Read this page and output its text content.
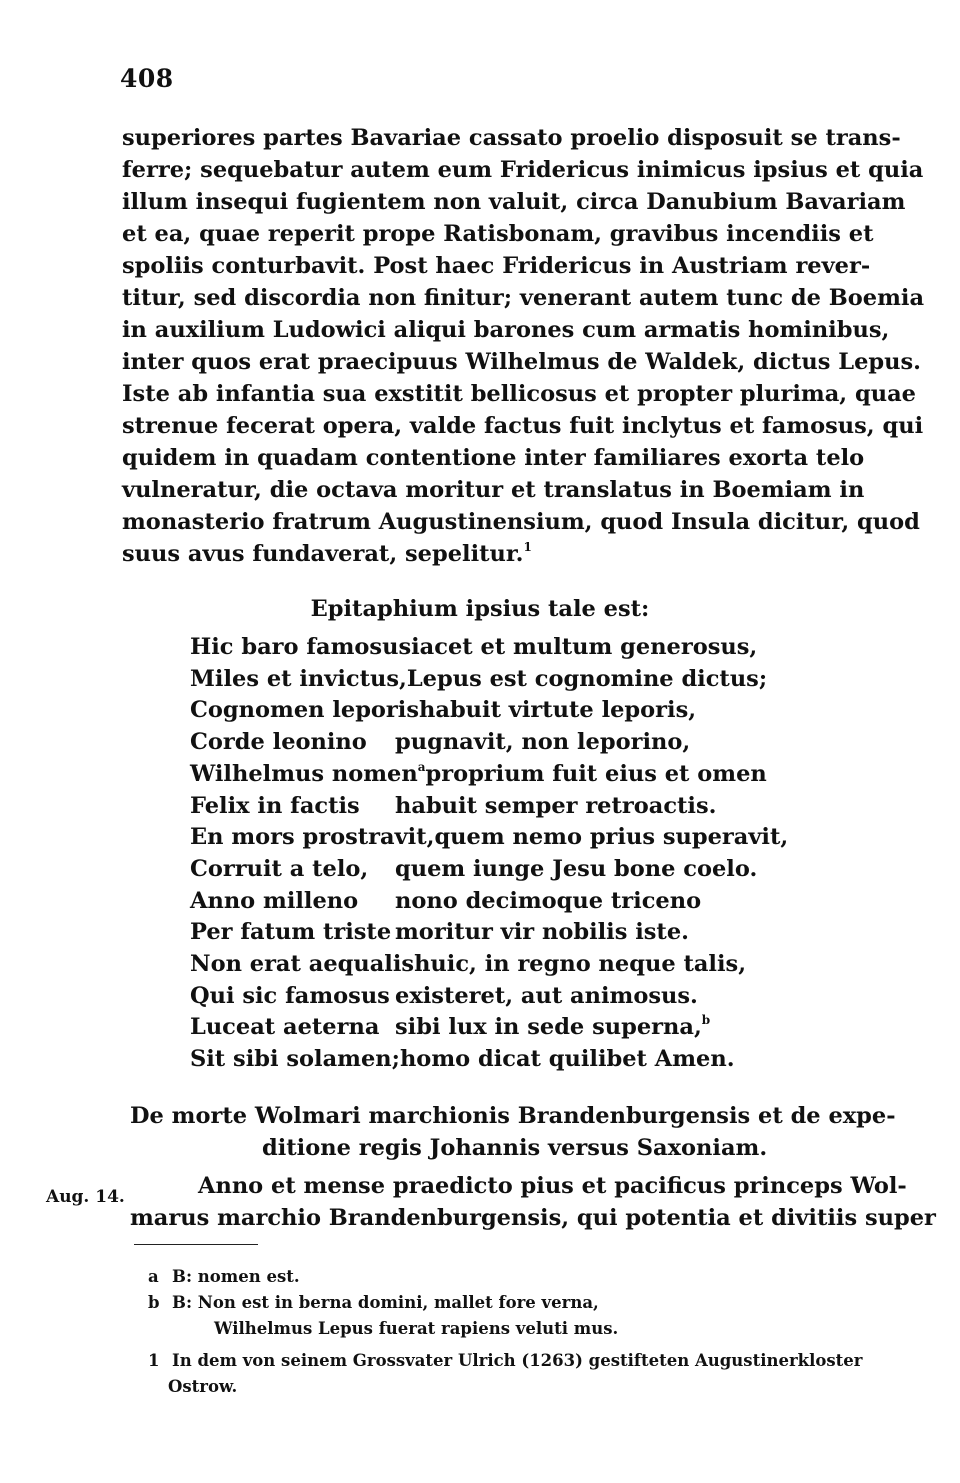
408
superiores partes Bavariae cassato proelio disposuit se trans-
ferre; sequebatur autem eum Fridericus inimicus ipsius et quia
illum insequi fugientem non valuit, circa Danubium Bavariam
et ea, quae reperit prope Ratisbonam, gravibus incendiis et
spoliis conturbavit. Post haec Fridericus in Austriam rever-
titur, sed discordia non finitur; venerant autem tunc de Boemia
in auxilium Ludowici aliqui barones cum armatis hominibus,
inter quos erat praecipuus Wilhelmus de Waldek, dictus Lepus.
Iste ab infantia sua exstitit bellicosus et propter plurima, quae
strenue fecerat opera, valde factus fuit inclytus et famosus, qui
quidem in quadam contentione inter familiares exorta telo
vulneratur, die octava moritur et translatus in Boemiam in
monasterio fratrum Augustinensium, quod Insula dicitur, quod
suus avus fundaverat, sepelitur.$^1$
Epitaphium ipsius tale est:
Hic baro famosusiacet et multum generosus,
Miles et invictus,Lepus est cognomine dictus;
Cognomen leporishabuit virtute leporis,
Corde leonino pugnavit, non leporino,
Wilhelmus nomen$^a$proprium fuit eius et omen
Felix in factis habuit semper retroactis.
En mors prostravit,quem nemo prius superavit,
Corruit a telo, quem iunge Jesu bone coelo.
Anno milleno nono decimoque triceno
Per fatum triste moritur vir nobilis iste.
Non erat aequalishuic, in regno neque talis,
Qui sic famosus existeret, aut animosus.
Luceat aeterna sibi lux in sede superna,$^b$
Sit sibi solamen;homo dicat quilibet Amen.
De morte Wolmari marchionis Brandenburgensis et de expe-
ditione regis Johannis versus Saxoniam.
Anno et mense praedicto pius et pacificus princeps Wol-
marus marchio Brandenburgensis, qui potentia et divitiis super
Aug. 14.
a B: nomen est.
b B: Non est in berna domini, mallet fore verna,
Wilhelmus Lepus fuerat rapiens veluti mus.
1 In dem von seinem Grossvater Ulrich (1263) gestifteten Augustinerkloster
Ostrow.
